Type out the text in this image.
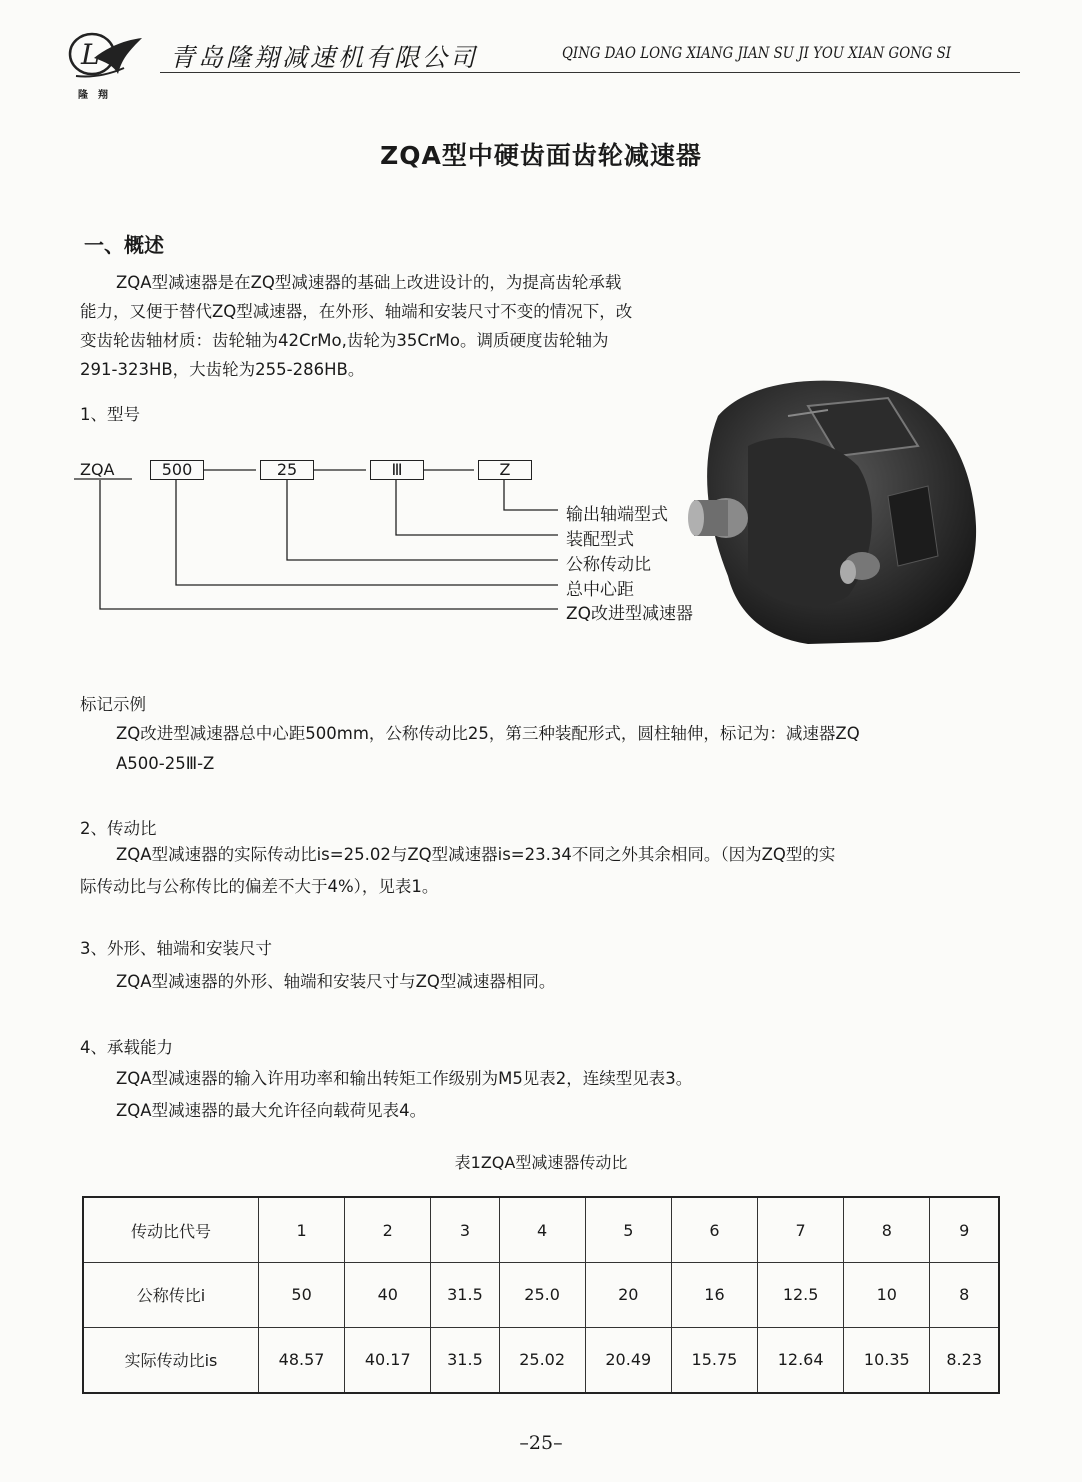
L
隆翔
青岛隆翔减速机有限公司	QING DAO LONG XIANG JIAN SU JI YOU XIAN GONG SI
ZQA型中硬齿面齿轮减速器
一、概述
ZQA型减速器是在ZQ型减速器的基础上改进设计的，为提高齿轮承载
能力，又便于替代ZQ型减速器，在外形、轴端和安装尺寸不变的情况下，改
变齿轮齿轴材质：齿轮轴为42CrMo,齿轮为35CrMo。调质硬度齿轮轴为
291-323HB，大齿轮为255-286HB。
1、型号
ZQA	500	25	Ⅲ	Z
输出轴端型式
装配型式
公称传动比
总中心距
ZQ改进型减速器
标记示例
ZQ改进型减速器总中心距500mm，公称传动比25，第三种装配形式，圆柱轴伸，标记为：减速器ZQ
A500-25Ⅲ-Z
2、传动比
ZQA型减速器的实际传动比is=25.02与ZQ型减速器is=23.34不同之外其余相同。（因为ZQ型的实
际传动比与公称传比的偏差不大于4%），见表1。
3、外形、轴端和安装尺寸
ZQA型减速器的外形、轴端和安装尺寸与ZQ型减速器相同。
4、承载能力
ZQA型减速器的输入许用功率和输出转矩工作级别为M5见表2，连续型见表3。
ZQA型减速器的最大允许径向载荷见表4。
表1ZQA型减速器传动比
传动比代号	1	2	3	4	5	6	7	8	9
公称传比i	50	40	31.5	25.0	20	16	12.5	10	8
实际传动比is	48.57	40.17	31.5	25.02	20.49	15.75	12.64	10.35	8.23
–25–
